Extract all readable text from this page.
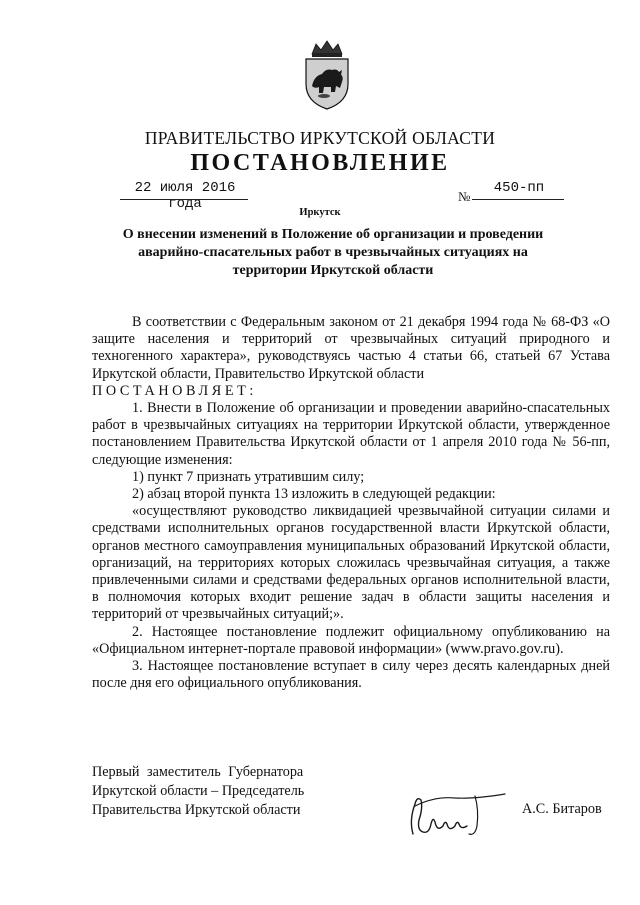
ПРАВИТЕЛЬСТВО ИРКУТСКОЙ ОБЛАСТИ
ПОСТАНОВЛЕНИЕ
22 июля 2016 года	№
450-пп
Иркутск
О внесении изменений в Положение об организации и проведении аварийно-спасательных работ в чрезвычайных ситуациях на территории Иркутской области

В соответствии с Федеральным законом от 21 декабря 1994 года № 68-ФЗ «О защите населения и территорий от чрезвычайных ситуаций природного и техногенного характера», руководствуясь частью 4 статьи 66, статьей 67 Устава Иркутской области, Правительство Иркутской области

ПОСТАНОВЛЯЕТ:

1. Внести в Положение об организации и проведении аварийно-спасательных работ в чрезвычайных ситуациях на территории Иркутской области, утвержденное постановлением Правительства Иркутской области от 1 апреля 2010 года № 56-пп, следующие изменения:

1) пункт 7 признать утратившим силу;

2) абзац второй пункта 13 изложить в следующей редакции:

«осуществляют руководство ликвидацией чрезвычайной ситуации силами и средствами исполнительных органов государственной власти Иркутской области, органов местного самоуправления муниципальных образований Иркутской области, организаций, на территориях которых сложилась чрезвычайная ситуация, а также привлеченными силами и средствами федеральных органов исполнительной власти, в полномочия которых входит решение задач в области защиты населения и территорий от чрезвычайных ситуаций;».

2. Настоящее постановление подлежит официальному опубликованию на «Официальном интернет-портале правовой информации» (www.pravo.gov.ru).

3. Настоящее постановление вступает в силу через десять календарных дней после дня его официального опубликования.

Первый заместитель Губернатора
Иркутской области – Председатель
Правительства Иркутской области	А.С. Битаров
